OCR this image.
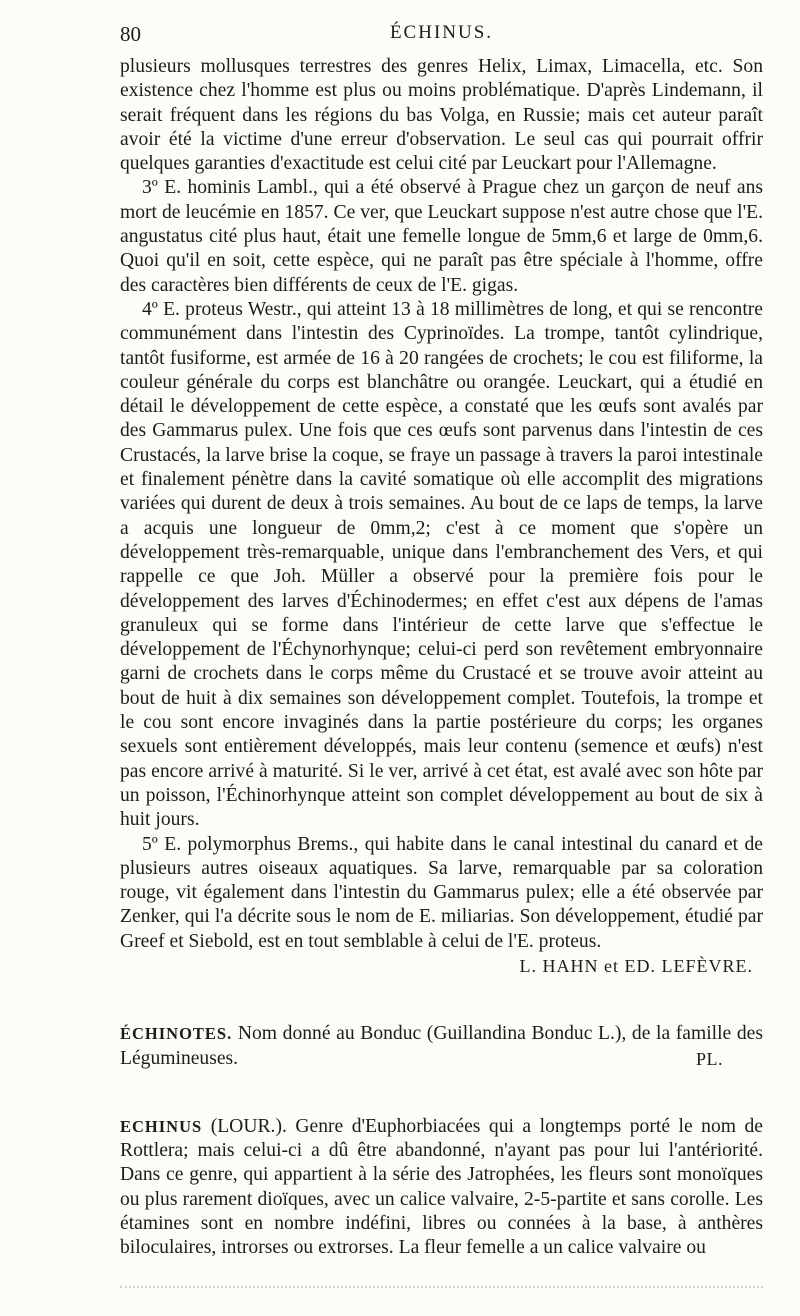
80	ÉCHINUS.

plusieurs mollusques terrestres des genres Helix, Limax, Limacella, etc. Son existence chez l'homme est plus ou moins problématique. D'après Lindemann, il serait fréquent dans les régions du bas Volga, en Russie; mais cet auteur paraît avoir été la victime d'une erreur d'observation. Le seul cas qui pourrait offrir quelques garanties d'exactitude est celui cité par Leuckart pour l'Allemagne.

3º E. hominis Lambl., qui a été observé à Prague chez un garçon de neuf ans mort de leucémie en 1857. Ce ver, que Leuckart suppose n'est autre chose que l'E. angustatus cité plus haut, était une femelle longue de 5mm,6 et large de 0mm,6. Quoi qu'il en soit, cette espèce, qui ne paraît pas être spéciale à l'homme, offre des caractères bien différents de ceux de l'E. gigas.

4º E. proteus Westr., qui atteint 13 à 18 millimètres de long, et qui se rencontre communément dans l'intestin des Cyprinoïdes. La trompe, tantôt cylindrique, tantôt fusiforme, est armée de 16 à 20 rangées de crochets; le cou est filiforme, la couleur générale du corps est blanchâtre ou orangée. Leuckart, qui a étudié en détail le développement de cette espèce, a constaté que les œufs sont avalés par des Gammarus pulex. Une fois que ces œufs sont parvenus dans l'intestin de ces Crustacés, la larve brise la coque, se fraye un passage à travers la paroi intestinale et finalement pénètre dans la cavité somatique où elle accomplit des migrations variées qui durent de deux à trois semaines. Au bout de ce laps de temps, la larve a acquis une longueur de 0mm,2; c'est à ce moment que s'opère un développement très-remarquable, unique dans l'embranchement des Vers, et qui rappelle ce que Joh. Müller a observé pour la première fois pour le développement des larves d'Échinodermes; en effet c'est aux dépens de l'amas granuleux qui se forme dans l'intérieur de cette larve que s'effectue le développement de l'Échynorhynque; celui-ci perd son revêtement embryonnaire garni de crochets dans le corps même du Crustacé et se trouve avoir atteint au bout de huit à dix semaines son développement complet. Toutefois, la trompe et le cou sont encore invaginés dans la partie postérieure du corps; les organes sexuels sont entièrement développés, mais leur contenu (semence et œufs) n'est pas encore arrivé à maturité. Si le ver, arrivé à cet état, est avalé avec son hôte par un poisson, l'Échinorhynque atteint son complet développement au bout de six à huit jours.

5º E. polymorphus Brems., qui habite dans le canal intestinal du canard et de plusieurs autres oiseaux aquatiques. Sa larve, remarquable par sa coloration rouge, vit également dans l'intestin du Gammarus pulex; elle a été observée par Zenker, qui l'a décrite sous le nom de E. miliarias. Son développement, étudié par Greef et Siebold, est en tout semblable à celui de l'E. proteus.

L. HAHN et ED. LEFÈVRE.

ÉCHINOTES. Nom donné au Bonduc (Guillandina Bonduc L.), de la famille des Légumineuses.	PL.

ECHINUS (LOUR.). Genre d'Euphorbiacées qui a longtemps porté le nom de Rottlera; mais celui-ci a dû être abandonné, n'ayant pas pour lui l'antériorité. Dans ce genre, qui appartient à la série des Jatrophées, les fleurs sont monoïques ou plus rarement dioïques, avec un calice valvaire, 2-5-partite et sans corolle. Les étamines sont en nombre indéfini, libres ou connées à la base, à anthères biloculaires, introrses ou extrorses. La fleur femelle a un calice valvaire ou
